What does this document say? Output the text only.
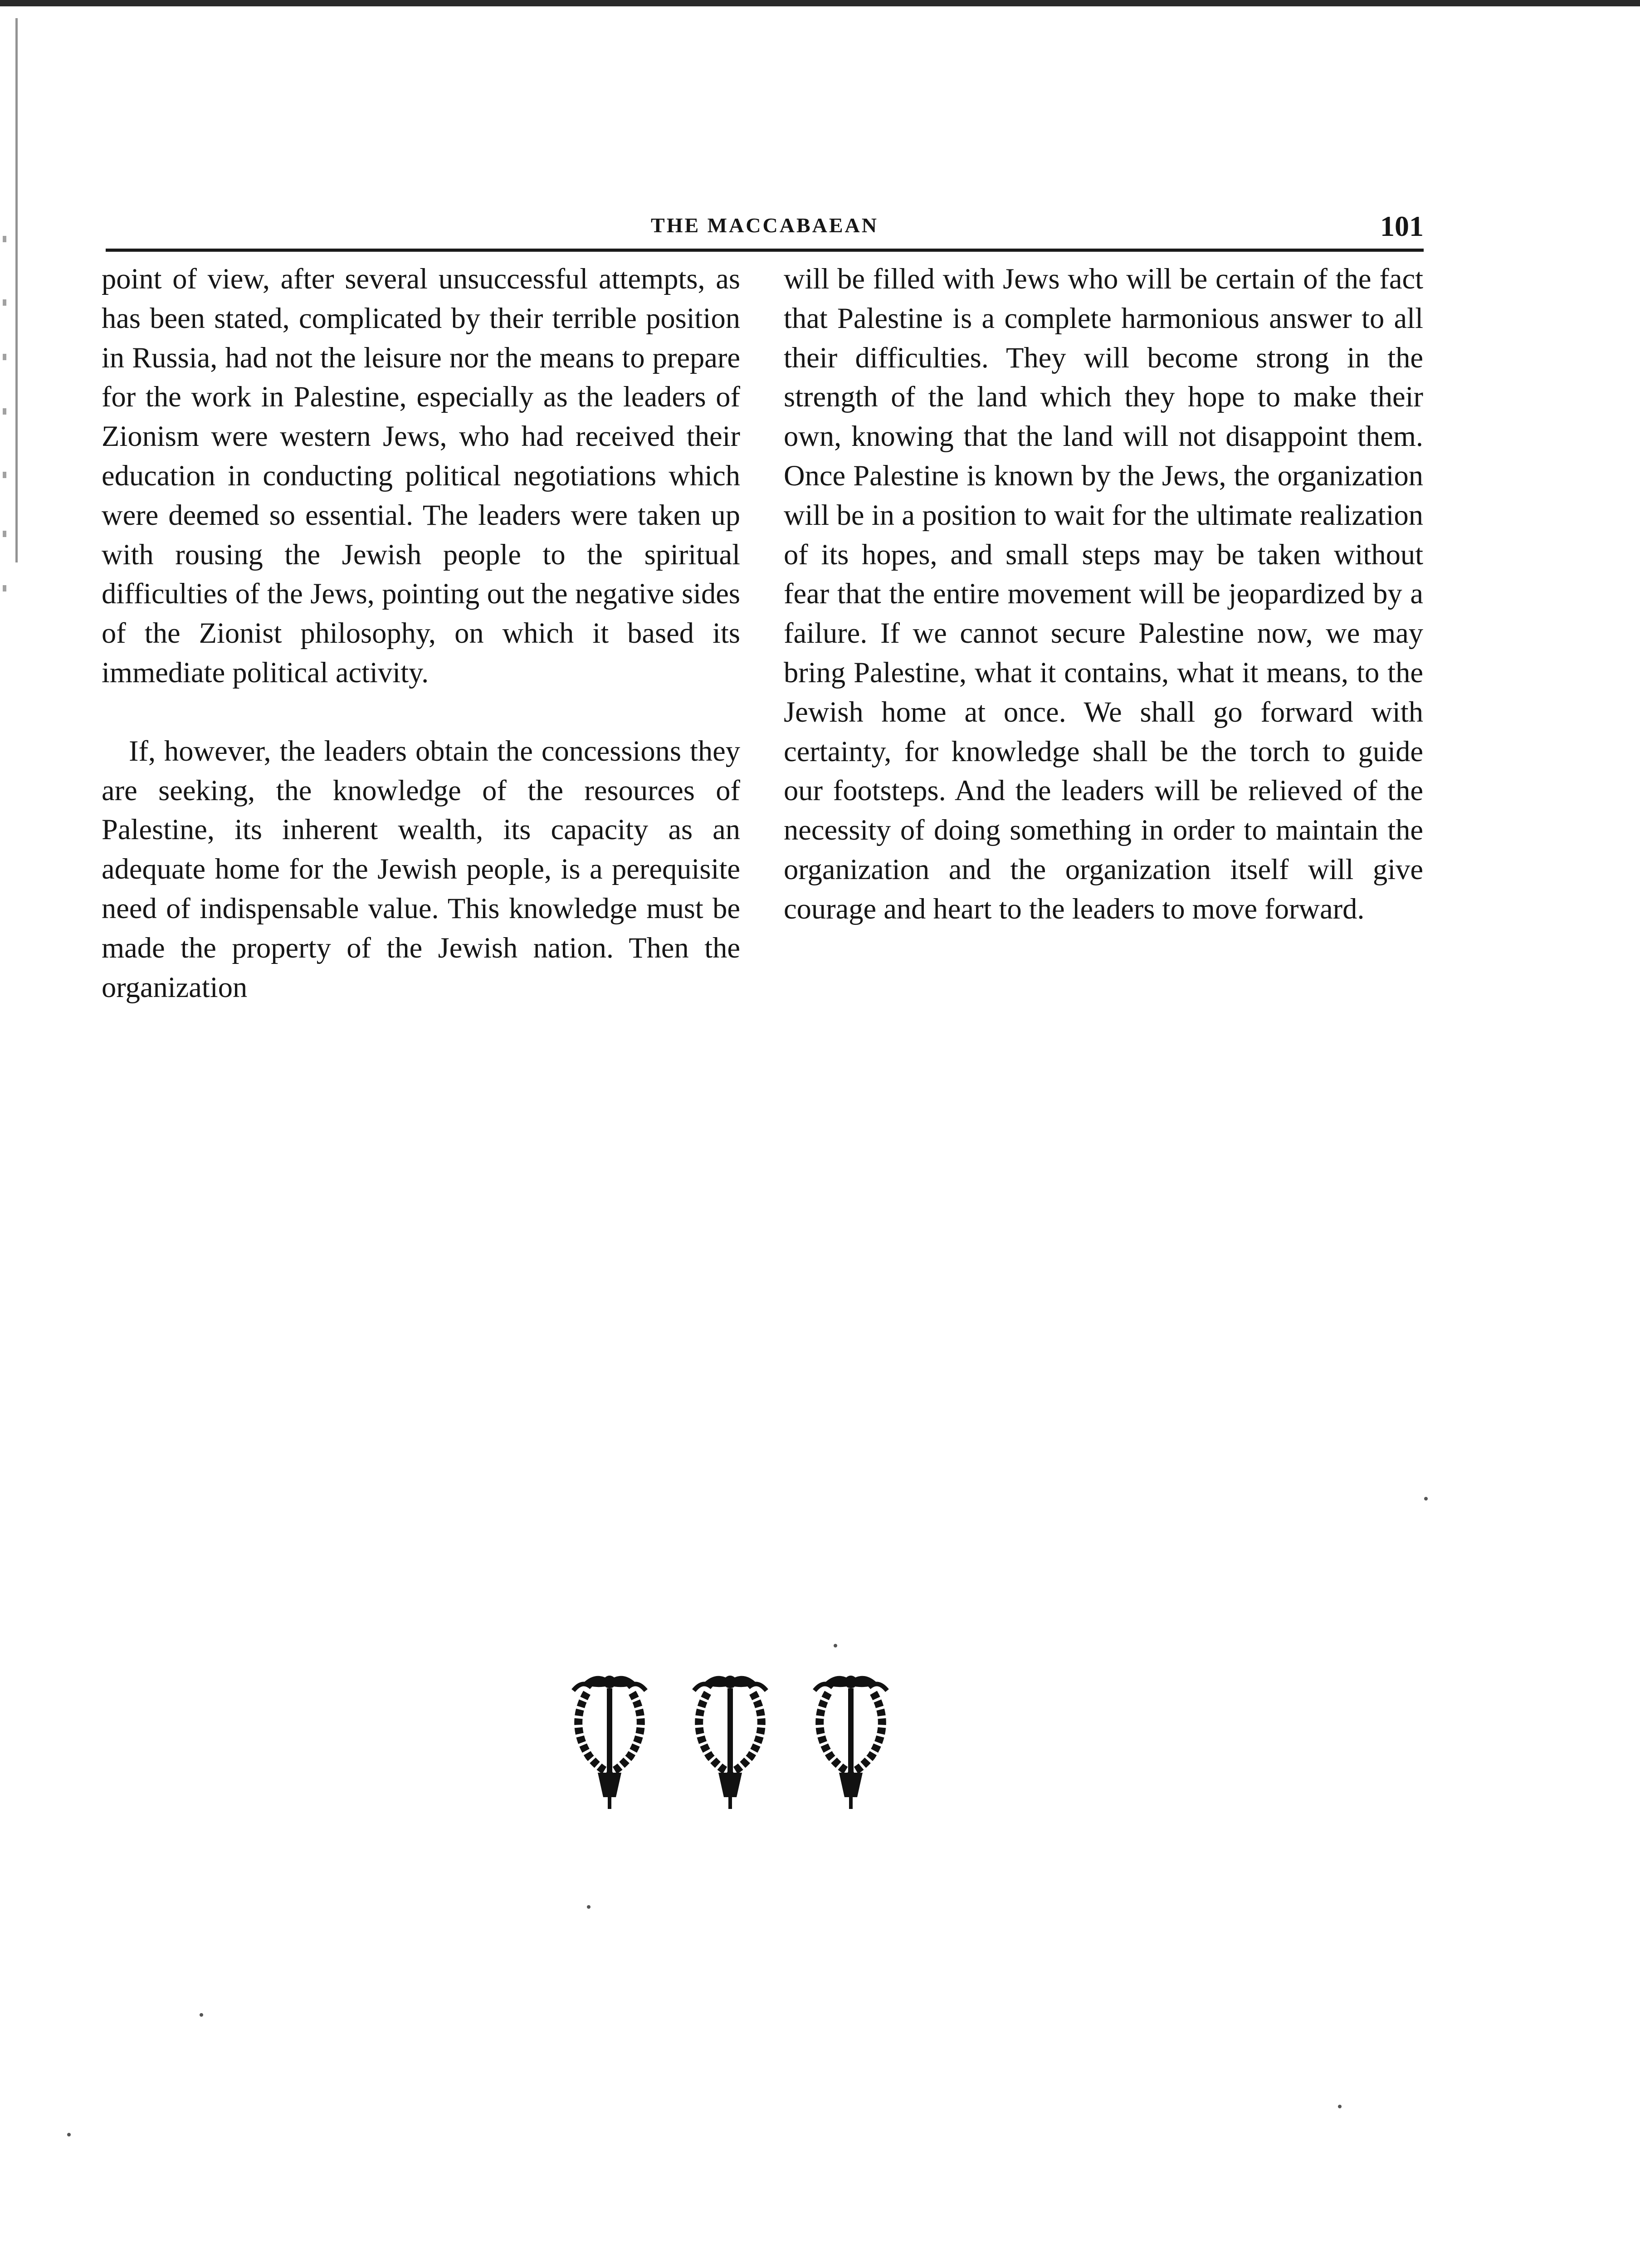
THE MACCABAEAN	101

point of view, after several unsuccessful attempts, as has been stated, complicated by their terrible position in Russia, had not the leisure nor the means to prepare for the work in Palestine, especially as the leaders of Zionism were western Jews, who had received their education in conducting political negotiations which were deemed so essential. The leaders were taken up with rousing the Jewish people to the spiritual difficulties of the Jews, pointing out the negative sides of the Zionist philosophy, on which it based its immediate political activity.

If, however, the leaders obtain the concessions they are seeking, the knowledge of the resources of Palestine, its inherent wealth, its capacity as an adequate home for the Jewish people, is a perequisite need of indispensable value. This knowledge must be made the property of the Jewish nation. Then the organization

will be filled with Jews who will be certain of the fact that Palestine is a complete harmonious answer to all their difficulties. They will become strong in the strength of the land which they hope to make their own, knowing that the land will not disappoint them. Once Palestine is known by the Jews, the organization will be in a position to wait for the ultimate realization of its hopes, and small steps may be taken without fear that the entire movement will be jeopardized by a failure. If we cannot secure Palestine now, we may bring Palestine, what it contains, what it means, to the Jewish home at once. We shall go forward with certainty, for knowledge shall be the torch to guide our footsteps. And the leaders will be relieved of the necessity of doing something in order to maintain the organization and the organization itself will give courage and heart to the leaders to move forward.
